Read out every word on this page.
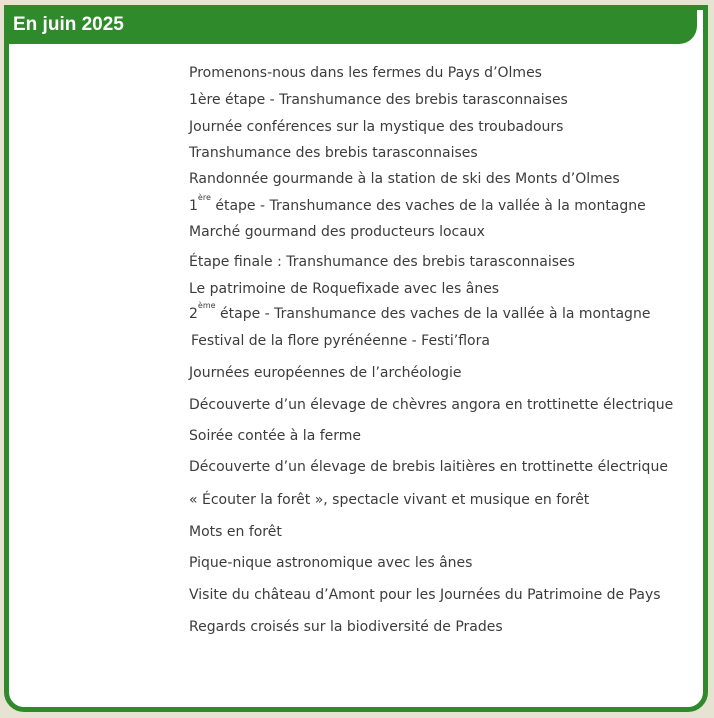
En juin 2025
Promenons-nous dans les fermes du Pays d’Olmes
1ère étape - Transhumance des brebis tarasconnaises
Journée conférences sur la mystique des troubadours
Transhumance des brebis tarasconnaises
Randonnée gourmande à la station de ski des Monts d’Olmes
1ère étape - Transhumance des vaches de la vallée à la montagne
Marché gourmand des producteurs locaux
Étape finale : Transhumance des brebis tarasconnaises
Le patrimoine de Roquefixade avec les ânes
2ème étape - Transhumance des vaches de la vallée à la montagne
Festival de la flore pyrénéenne - Festi’flora
Journées européennes de l’archéologie
Découverte d’un élevage de chèvres angora en trottinette électrique
Soirée contée à la ferme
Découverte d’un élevage de brebis laitières en trottinette électrique
« Écouter la forêt », spectacle vivant et musique en forêt
Mots en forêt
Pique-nique astronomique avec les ânes
Visite du château d’Amont pour les Journées du Patrimoine de Pays
Regards croisés sur la biodiversité de Prades
